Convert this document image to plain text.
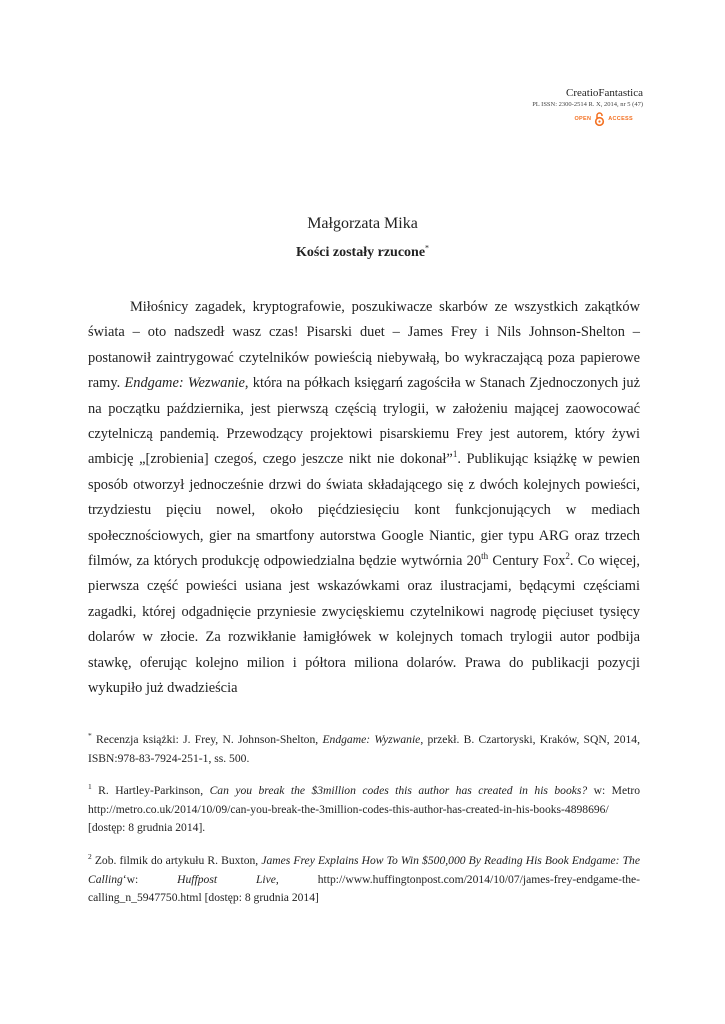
CreatioFantastica
PL ISSN: 2300-2514 R. X, 2014, nr 5 (47)
OPEN	ACCESS
Małgorzata Mika
Kości zostały rzucone*

Miłośnicy zagadek, kryptografowie, poszukiwacze skarbów ze wszystkich zakątków świata – oto nadszedł wasz czas! Pisarski duet – James Frey i Nils Johnson-Shelton – postanowił zaintrygować czytelników powieścią niebywałą, bo wykraczającą poza papierowe ramy. Endgame: Wezwanie, która na półkach księgarń zagościła w Stanach Zjednoczonych już na początku października, jest pierwszą częścią trylogii, w założeniu mającej zaowocować czytelniczą pandemią. Przewodzący projektowi pisarskiemu Frey jest autorem, który żywi ambicję „[zrobienia] czegoś, czego jeszcze nikt nie dokonał”$^1$. Publikując książkę w pewien sposób otworzył jednocześnie drzwi do świata składającego się z dwóch kolejnych powieści, trzydziestu pięciu nowel, około pięćdziesięciu kont funkcjonujących w mediach społecznościowych, gier na smartfony autorstwa Google Niantic, gier typu ARG oraz trzech filmów, za których produkcję odpowiedzialna będzie wytwórnia 20th Century Fox$^2$. Co więcej, pierwsza część powieści usiana jest wskazówkami oraz ilustracjami, będącymi częściami zagadki, której odgadnięcie przyniesie zwycięskiemu czytelnikowi nagrodę pięciuset tysięcy dolarów w złocie. Za rozwikłanie łamigłówek w kolejnych tomach trylogii autor podbija stawkę, oferując kolejno milion i półtora miliona dolarów. Prawa do publikacji pozycji wykupiło już dwadzieścia

* Recenzja książki: J. Frey, N. Johnson-Shelton, Endgame: Wyzwanie, przekł. B. Czartoryski, Kraków, SQN, 2014, ISBN:978-83-7924-251-1, ss. 500.

$^1$ R. Hartley-Parkinson, Can you break the $3million codes this author has created in his books? w: Metro http://metro.co.uk/2014/10/09/can-you-break-the-3million-codes-this-author-has-created-in-his-books-4898696/ [dostęp: 8 grudnia 2014].

$^2$ Zob. filmik do artykułu R. Buxton, James Frey Explains How To Win $500,000 By Reading His Book Endgame: The Calling‘w: Huffpost Live, http://www.huffingtonpost.com/2014/10/07/james-frey-endgame-the-calling_n_5947750.html [dostęp: 8 grudnia 2014]
